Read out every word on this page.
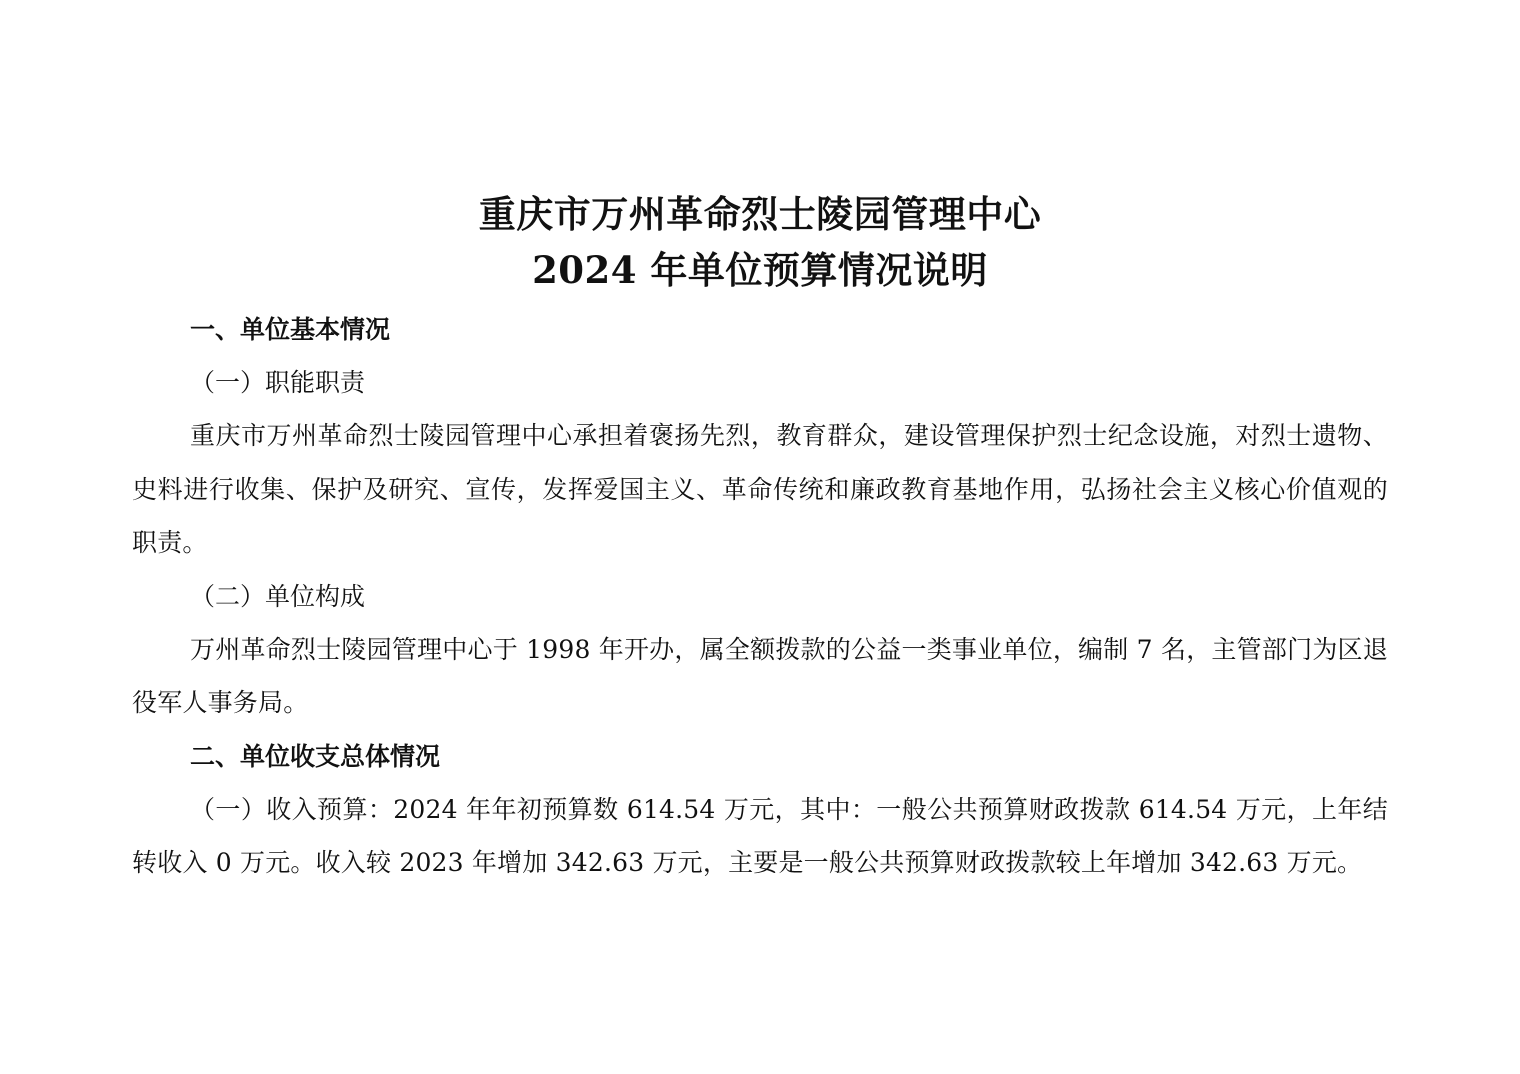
重庆市万州革命烈士陵园管理中心
2024 年单位预算情况说明
一、单位基本情况
（一）职能职责

重庆市万州革命烈士陵园管理中心承担着褒扬先烈，教育群众，建设管理保护烈士纪念设施，对烈士遗物、史料进行收集、保护及研究、宣传，发挥爱国主义、革命传统和廉政教育基地作用，弘扬社会主义核心价值观的职责。

（二）单位构成

万州革命烈士陵园管理中心于 1998 年开办，属全额拨款的公益一类事业单位，编制 7 名，主管部门为区退役军人事务局。

二、单位收支总体情况

（一）收入预算：2024 年年初预算数 614.54 万元，其中：一般公共预算财政拨款 614.54 万元，上年结转收入 0 万元。收入较 2023 年增加 342.63 万元，主要是一般公共预算财政拨款较上年增加 342.63 万元。
